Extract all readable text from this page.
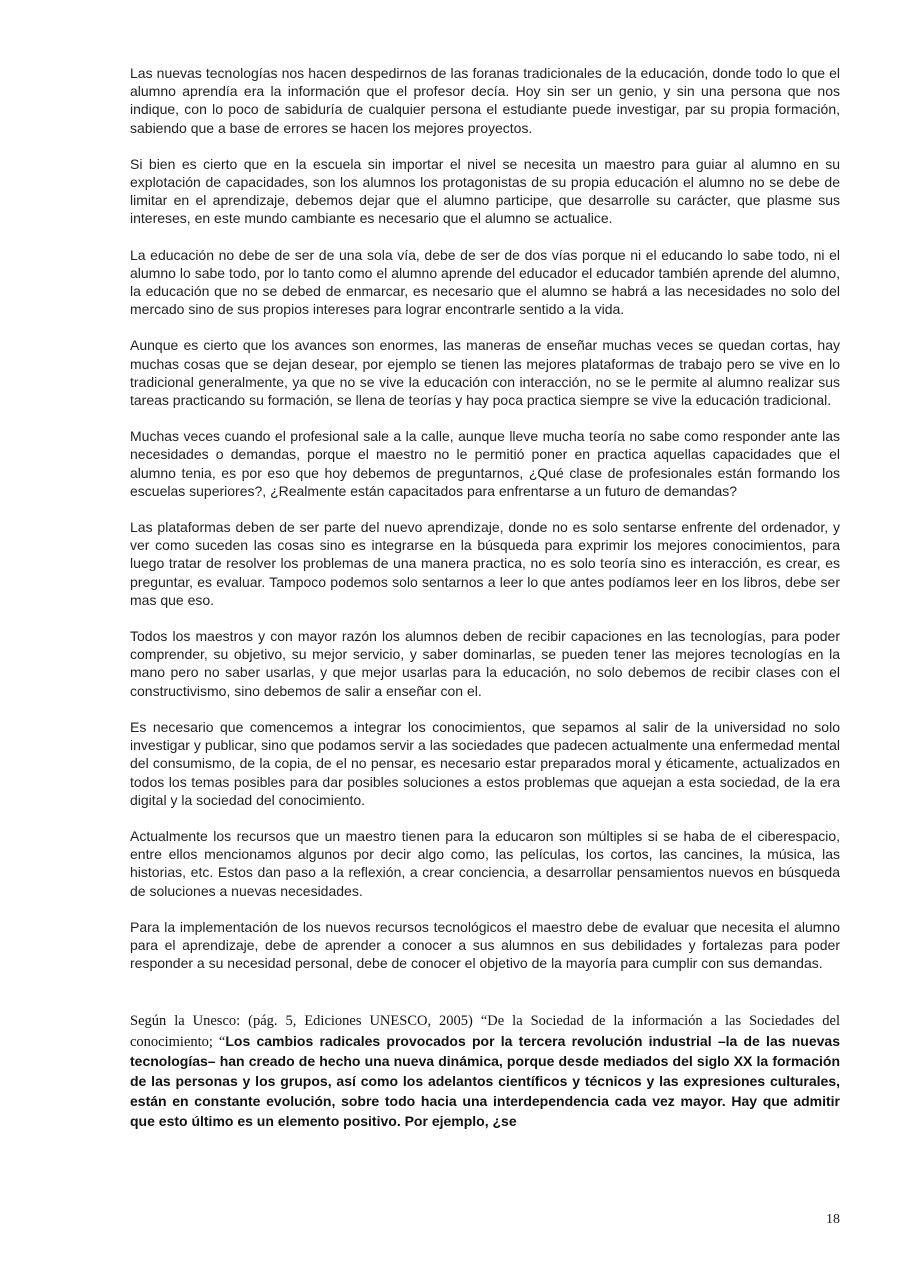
Las nuevas tecnologías nos hacen despedirnos de las foranas tradicionales de la educación, donde todo lo que el alumno aprendía era la información que el profesor decía. Hoy sin ser un genio, y sin una persona que nos indique, con lo poco de sabiduría de cualquier persona el estudiante puede investigar, par su propia formación, sabiendo que a base de errores se hacen los mejores proyectos.

Si bien es cierto que en la escuela sin importar el nivel se necesita un maestro para guiar al alumno en su explotación de capacidades, son los alumnos los protagonistas de su propia educación el alumno no se debe de limitar en el aprendizaje, debemos dejar que el alumno participe, que desarrolle su carácter, que plasme sus intereses, en este mundo cambiante es necesario que el alumno se actualice.

La educación no debe de ser de una sola vía, debe de ser de dos vías porque ni el educando lo sabe todo, ni el alumno lo sabe todo, por lo tanto como el alumno aprende del educador el educador también aprende del alumno, la educación que no se debed de enmarcar, es necesario que el alumno se habrá a las necesidades no solo del mercado sino de sus propios intereses para lograr encontrarle sentido a la vida.

Aunque es cierto que los avances son enormes, las maneras de enseñar muchas veces se quedan cortas, hay muchas cosas que se dejan desear, por ejemplo se tienen las mejores plataformas de trabajo pero se vive en lo tradicional generalmente, ya que no se vive la educación con interacción, no se le permite al alumno realizar sus tareas practicando su formación, se llena de teorías y hay poca practica siempre se vive la educación tradicional.

Muchas veces cuando el profesional sale a la calle, aunque lleve mucha teoría no sabe como responder ante las necesidades o demandas, porque el maestro no le permitió poner en practica aquellas capacidades que el alumno tenia, es por eso que hoy debemos de preguntarnos, ¿Qué clase de profesionales están formando los escuelas superiores?, ¿Realmente están capacitados para enfrentarse a un futuro de demandas?

Las plataformas deben de ser parte del nuevo aprendizaje, donde no es solo sentarse enfrente del ordenador, y ver como suceden las cosas sino es integrarse en la búsqueda para exprimir los mejores conocimientos, para luego tratar de resolver los problemas de una manera practica, no es solo teoría sino es interacción, es crear, es preguntar, es evaluar. Tampoco podemos solo sentarnos a leer lo que antes podíamos leer en los libros, debe ser mas que eso.

Todos los maestros y con mayor razón los alumnos deben de recibir capaciones en las tecnologías, para poder comprender, su objetivo, su mejor servicio, y saber dominarlas, se pueden tener las mejores tecnologías en la mano pero no saber usarlas, y que mejor usarlas para la educación, no solo debemos de recibir clases con el constructivismo, sino debemos de salir a enseñar con el.

Es necesario que comencemos a integrar los conocimientos, que sepamos al salir de la universidad no solo investigar y publicar, sino que podamos servir a las sociedades que padecen actualmente una enfermedad mental del consumismo, de la copia, de el no pensar, es necesario estar preparados moral y éticamente, actualizados en todos los temas posibles para dar posibles soluciones a estos problemas que aquejan a esta sociedad, de la era digital y la sociedad del conocimiento.

Actualmente los recursos que un maestro tienen para la educaron son múltiples si se haba de el ciberespacio, entre ellos mencionamos algunos por decir algo como, las películas, los cortos, las cancines, la música, las historias, etc. Estos dan paso a la reflexión, a crear conciencia, a desarrollar pensamientos nuevos en búsqueda de soluciones a nuevas necesidades.

Para la implementación de los nuevos recursos tecnológicos el maestro debe de evaluar que necesita el alumno para el aprendizaje, debe de aprender a conocer a sus alumnos en sus debilidades y fortalezas para poder responder a su necesidad personal, debe de conocer el objetivo de la mayoría para cumplir con sus demandas.

Según la Unesco: (pág. 5, Ediciones UNESCO, 2005) “De la Sociedad de la información a las Sociedades del conocimiento; “Los cambios radicales provocados por la tercera revolución industrial –la de las nuevas tecnologías– han creado de hecho una nueva dinámica, porque desde mediados del siglo XX la formación de las personas y los grupos, así como los adelantos científicos y técnicos y las expresiones culturales, están en constante evolución, sobre todo hacia una interdependencia cada vez mayor. Hay que admitir que esto último es un elemento positivo. Por ejemplo, ¿se

18
